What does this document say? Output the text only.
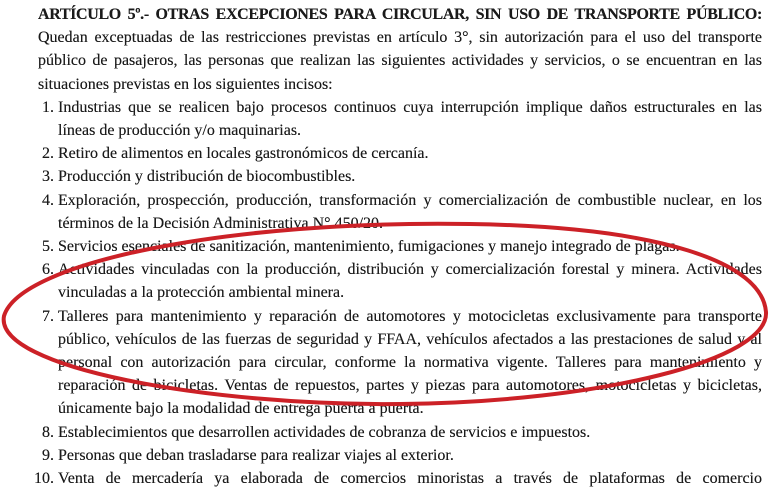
ARTÍCULO 5º.- OTRAS EXCEPCIONES PARA CIRCULAR, SIN USO DE TRANSPORTE PÚBLICO: Quedan exceptuadas de las restricciones previstas en artículo 3°, sin autorización para el uso del transporte público de pasajeros, las personas que realizan las siguientes actividades y servicios, o se encuentran en las situaciones previstas en los siguientes incisos:

1. Industrias que se realicen bajo procesos continuos cuya interrupción implique daños estructurales en las líneas de producción y/o maquinarias.
2. Retiro de alimentos en locales gastronómicos de cercanía.
3. Producción y distribución de biocombustibles.
4. Exploración, prospección, producción, transformación y comercialización de combustible nuclear, en los términos de la Decisión Administrativa N° 450/20.
5. Servicios esenciales de sanitización, mantenimiento, fumigaciones y manejo integrado de plagas.
6. Actividades vinculadas con la producción, distribución y comercialización forestal y minera. Actividades vinculadas a la protección ambiental minera.
7. Talleres para mantenimiento y reparación de automotores y motocicletas exclusivamente para transporte público, vehículos de las fuerzas de seguridad y FFAA, vehículos afectados a las prestaciones de salud y al personal con autorización para circular, conforme la normativa vigente. Talleres para mantenimiento y reparación de bicicletas. Ventas de repuestos, partes y piezas para automotores, motocicletas y bicicletas, únicamente bajo la modalidad de entrega puerta a puerta.
8. Establecimientos que desarrollen actividades de cobranza de servicios e impuestos.
9. Personas que deban trasladarse para realizar viajes al exterior.
10. Venta de mercadería ya elaborada de comercios minoristas a través de plataformas de comercio
